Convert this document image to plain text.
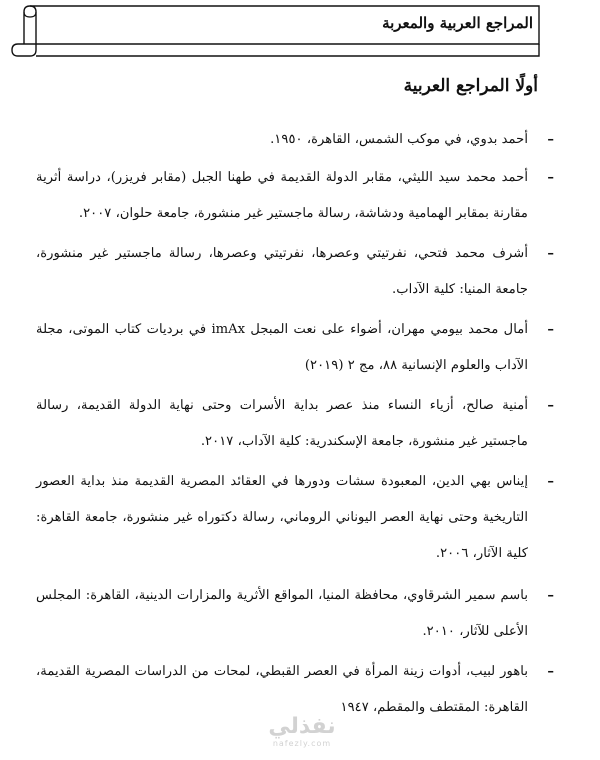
المراجع العربية والمعربة
أولًا المراجع العربية
–
أحمد بدوي، في موكب الشمس، القاهرة، ١٩٥٠.
–
أحمد محمد سيد الليثي، مقابر الدولة القديمة في طهنا الجبل (مقابر فريزر)، دراسة أثرية مقارنة بمقابر الهمامية ودشاشة، رسالة ماجستير غير منشورة، جامعة حلوان، ٢٠٠٧.
–
أشرف محمد فتحي، نفرتيتي وعصرها، نفرتيتي وعصرها، رسالة ماجستير غير منشورة، جامعة المنيا: كلية الآداب.
–
أمال محمد بيومي مهران، أضواء على نعت المبجل imAx في برديات كتاب الموتى، مجلة الآداب والعلوم الإنسانية ٨٨، مج ٢ (٢٠١٩)
–
أمنية صالح، أزياء النساء منذ عصر بداية الأسرات وحتى نهاية الدولة القديمة، رسالة ماجستير غير منشورة، جامعة الإسكندرية: كلية الآداب، ٢٠١٧.
–
إيناس بهي الدين، المعبودة سشات ودورها في العقائد المصرية القديمة منذ بداية العصور التاريخية وحتى نهاية العصر اليوناني الروماني، رسالة دكتوراه غير منشورة، جامعة القاهرة: كلية الآثار، ٢٠٠٦.
–
باسم سمير الشرقاوي، محافظة المنيا، المواقع الأثرية والمزارات الدينية، القاهرة: المجلس الأعلى للآثار، ٢٠١٠.
–
باهور لبيب، أدوات زينة المرأة في العصر القبطي، لمحات من الدراسات المصرية القديمة، القاهرة: المقتطف والمقطم، ١٩٤٧
نفذلي
nafezly.com
